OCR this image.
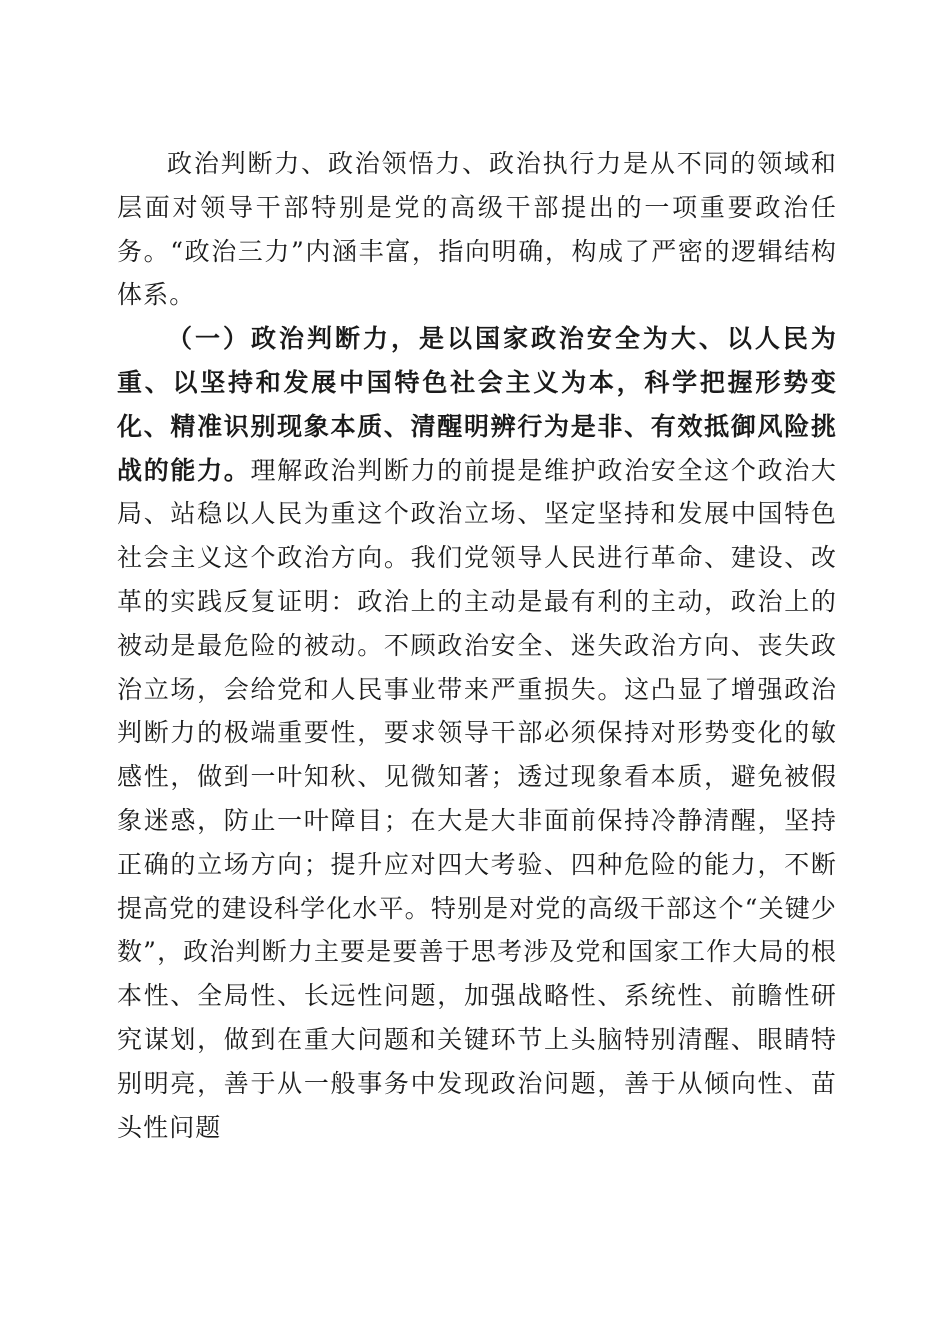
政治判断力、政治领悟力、政治执行力是从不同的领域和层面对领导干部特别是党的高级干部提出的一项重要政治任务。“政治三力”内涵丰富，指向明确，构成了严密的逻辑结构体系。

（一）政治判断力，是以国家政治安全为大、以人民为重、以坚持和发展中国特色社会主义为本，科学把握形势变化、精准识别现象本质、清醒明辨行为是非、有效抵御风险挑战的能力。理解政治判断力的前提是维护政治安全这个政治大局、站稳以人民为重这个政治立场、坚定坚持和发展中国特色社会主义这个政治方向。我们党领导人民进行革命、建设、改革的实践反复证明：政治上的主动是最有利的主动，政治上的被动是最危险的被动。不顾政治安全、迷失政治方向、丧失政治立场，会给党和人民事业带来严重损失。这凸显了增强政治判断力的极端重要性，要求领导干部必须保持对形势变化的敏感性，做到一叶知秋、见微知著；透过现象看本质，避免被假象迷惑，防止一叶障目；在大是大非面前保持冷静清醒，坚持正确的立场方向；提升应对四大考验、四种危险的能力，不断提高党的建设科学化水平。特别是对党的高级干部这个“关键少数”，政治判断力主要是要善于思考涉及党和国家工作大局的根本性、全局性、长远性问题，加强战略性、系统性、前瞻性研究谋划，做到在重大问题和关键环节上头脑特别清醒、眼睛特别明亮，善于从一般事务中发现政治问题，善于从倾向性、苗头性问题
